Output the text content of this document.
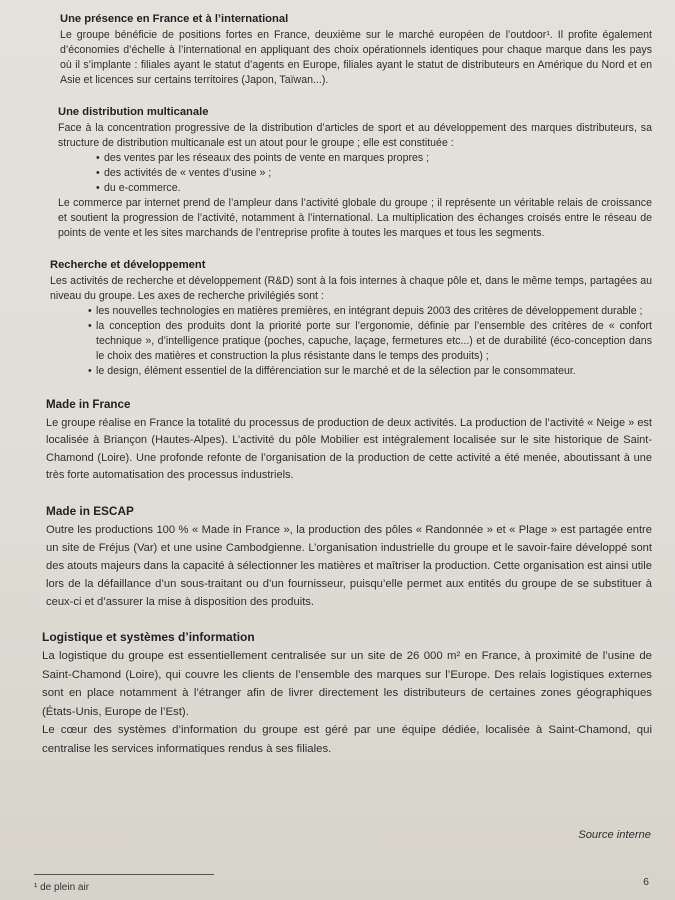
Une présence en France et à l’international

Le groupe bénéficie de positions fortes en France, deuxième sur le marché européen de l’outdoor¹. Il profite également d’économies d’échelle à l’international en appliquant des choix opérationnels identiques pour chaque marque dans les pays où il s’implante : filiales ayant le statut d’agents en Europe, filiales ayant le statut de distributeurs en Amérique du Nord et en Asie et licences sur certains territoires (Japon, Taïwan...).

Une distribution multicanale

Face à la concentration progressive de la distribution d’articles de sport et au développement des marques distributeurs, sa structure de distribution multicanale est un atout pour le groupe ; elle est constituée :

• des ventes par les réseaux des points de vente en marques propres ;
• des activités de « ventes d’usine » ;
• du e-commerce.

Le commerce par internet prend de l’ampleur dans l’activité globale du groupe ; il représente un véritable relais de croissance et soutient la progression de l’activité, notamment à l’international. La multiplication des échanges croisés entre le réseau de points de vente et les sites marchands de l’entreprise profite à toutes les marques et tous les segments.

Recherche et développement

Les activités de recherche et développement (R&D) sont à la fois internes à chaque pôle et, dans le même temps, partagées au niveau du groupe. Les axes de recherche privilégiés sont :

• les nouvelles technologies en matières premières, en intégrant depuis 2003 des critères de développement durable ;
• la conception des produits dont la priorité porte sur l’ergonomie, définie par l’ensemble des critères de « confort technique », d’intelligence pratique (poches, capuche, laçage, fermetures etc...) et de durabilité (éco-conception dans le choix des matières et construction la plus résistante dans le temps des produits) ;
• le design, élément essentiel de la différenciation sur le marché et de la sélection par le consommateur.
Made in France

Le groupe réalise en France la totalité du processus de production de deux activités. La production de l’activité « Neige » est localisée à Briançon (Hautes-Alpes). L’activité du pôle Mobilier est intégralement localisée sur le site historique de Saint-Chamond (Loire). Une profonde refonte de l’organisation de la production de cette activité a été menée, aboutissant à une très forte automatisation des processus industriels.

Made in ESCAP

Outre les productions 100 % « Made in France », la production des pôles « Randonnée » et « Plage » est partagée entre un site de Fréjus (Var) et une usine Cambodgienne. L’organisation industrielle du groupe et le savoir-faire développé sont des atouts majeurs dans la capacité à sélectionner les matières et maîtriser la production. Cette organisation est ainsi utile lors de la défaillance d’un sous-traitant ou d’un fournisseur, puisqu’elle permet aux entités du groupe de se substituer à ceux-ci et d’assurer la mise à disposition des produits.

Logistique et systèmes d’information

La logistique du groupe est essentiellement centralisée sur un site de 26 000 m² en France, à proximité de l’usine de Saint-Chamond (Loire), qui couvre les clients de l’ensemble des marques sur l’Europe. Des relais logistiques externes sont en place notamment à l’étranger afin de livrer directement les distributeurs de certaines zones géographiques (États-Unis, Europe de l’Est).

Le cœur des systèmes d’information du groupe est géré par une équipe dédiée, localisée à Saint-Chamond, qui centralise les services informatiques rendus à ses filiales.

Source interne
¹ de plein air	6
